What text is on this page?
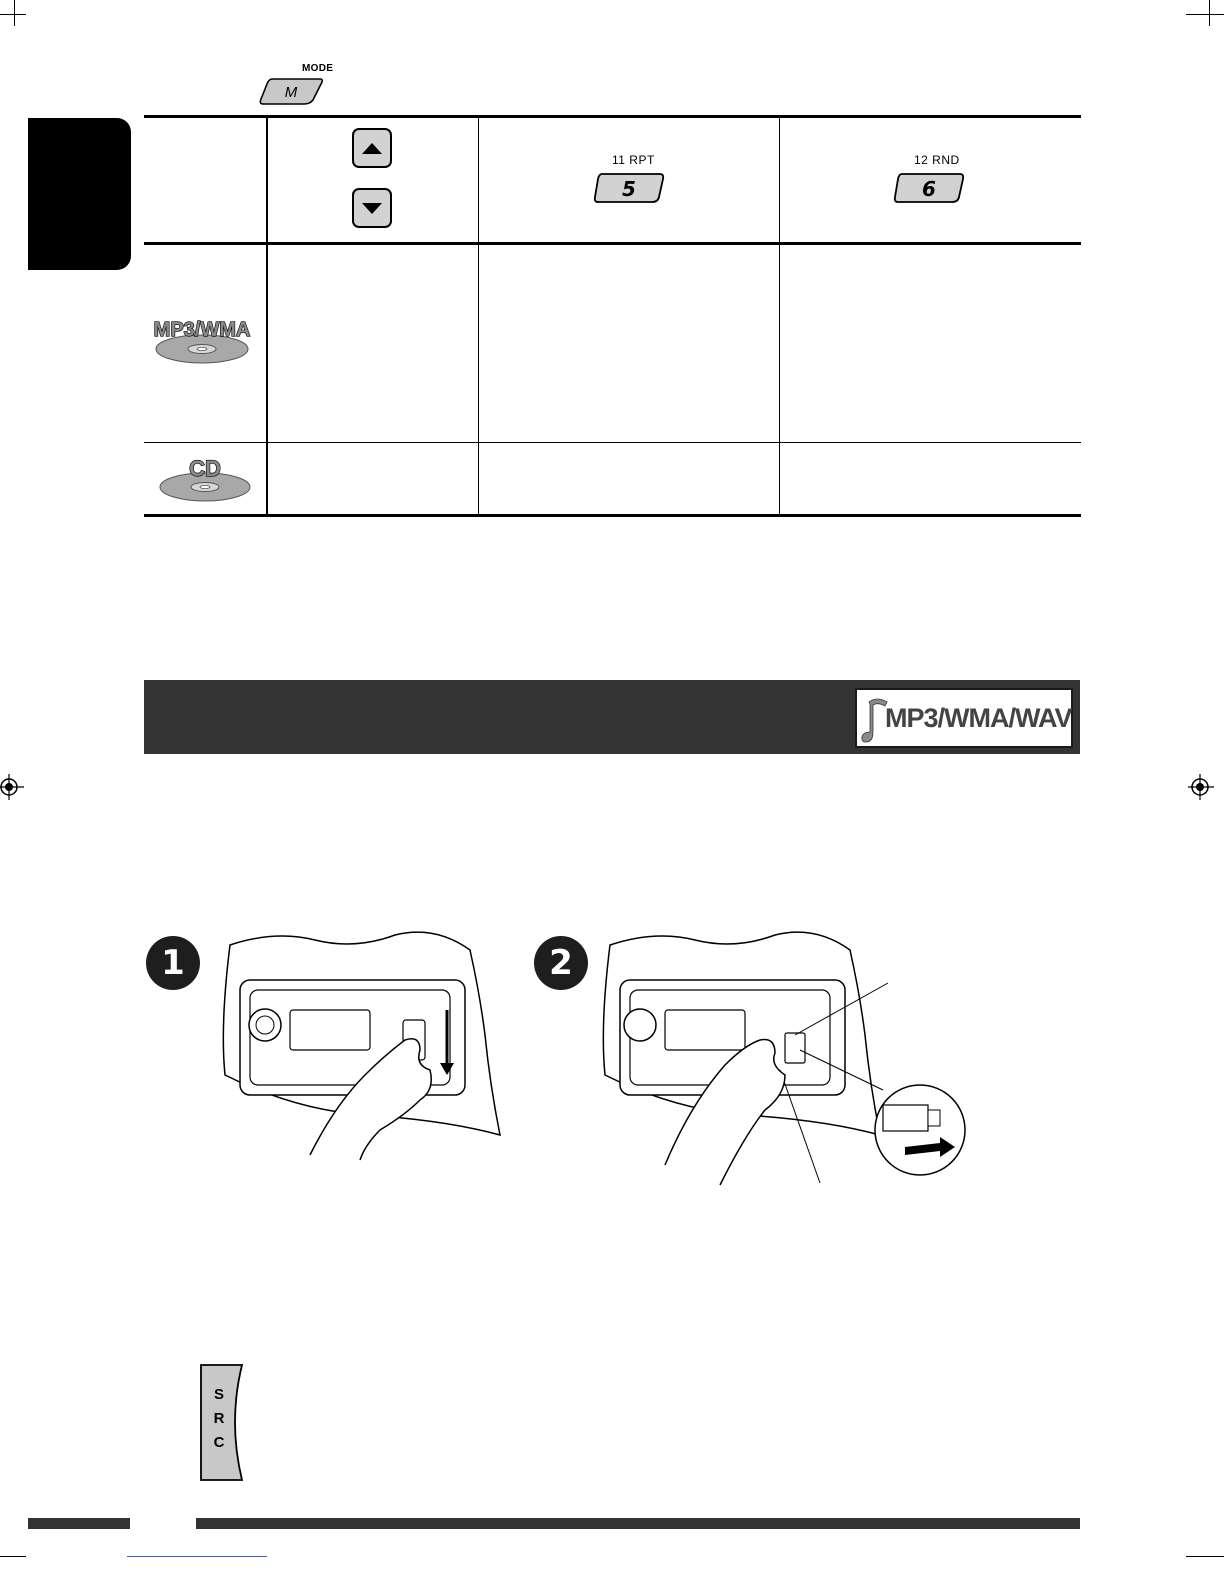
MODE
M
11 RPT
5
12 RND
6
MP3/WMA
CD
MP3/WMA/WAV
1	2
S
R
C
